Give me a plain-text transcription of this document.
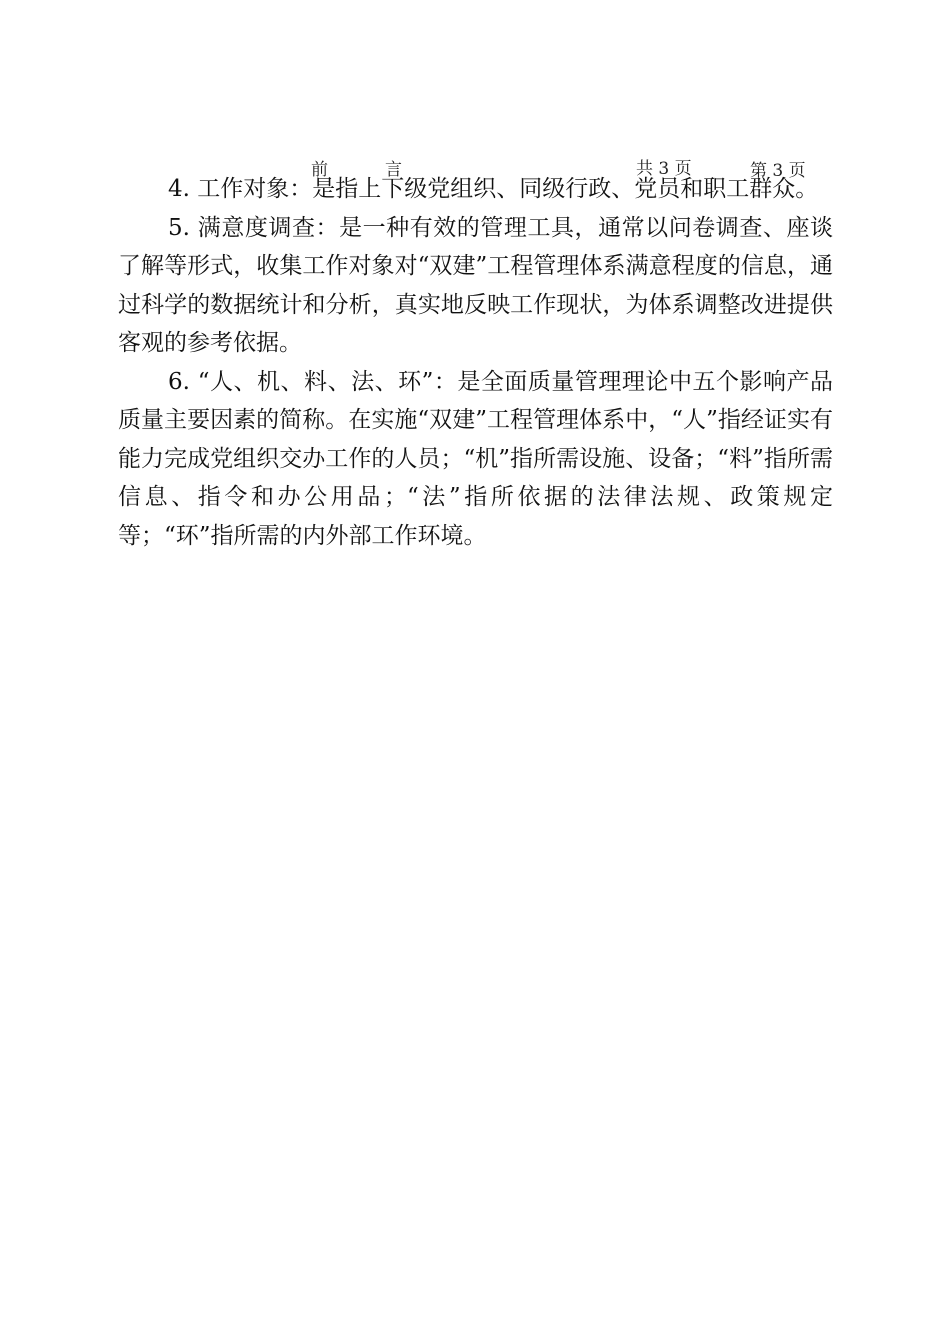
前	言	共 3 页	第 3 页

4. 工作对象：是指上下级党组织、同级行政、党员和职工群众。

5. 满意度调查：是一种有效的管理工具，通常以问卷调查、座谈了解等形式，收集工作对象对“双建”工程管理体系满意程度的信息，通过科学的数据统计和分析，真实地反映工作现状，为体系调整改进提供客观的参考依据。

6. “人、机、料、法、环”：是全面质量管理理论中五个影响产品质量主要因素的简称。在实施“双建”工程管理体系中，“人”指经证实有能力完成党组织交办工作的人员；“机”指所需设施、设备；“料”指所需信息、指令和办公用品；“法”指所依据的法律法规、政策规定等；“环”指所需的内外部工作环境。
